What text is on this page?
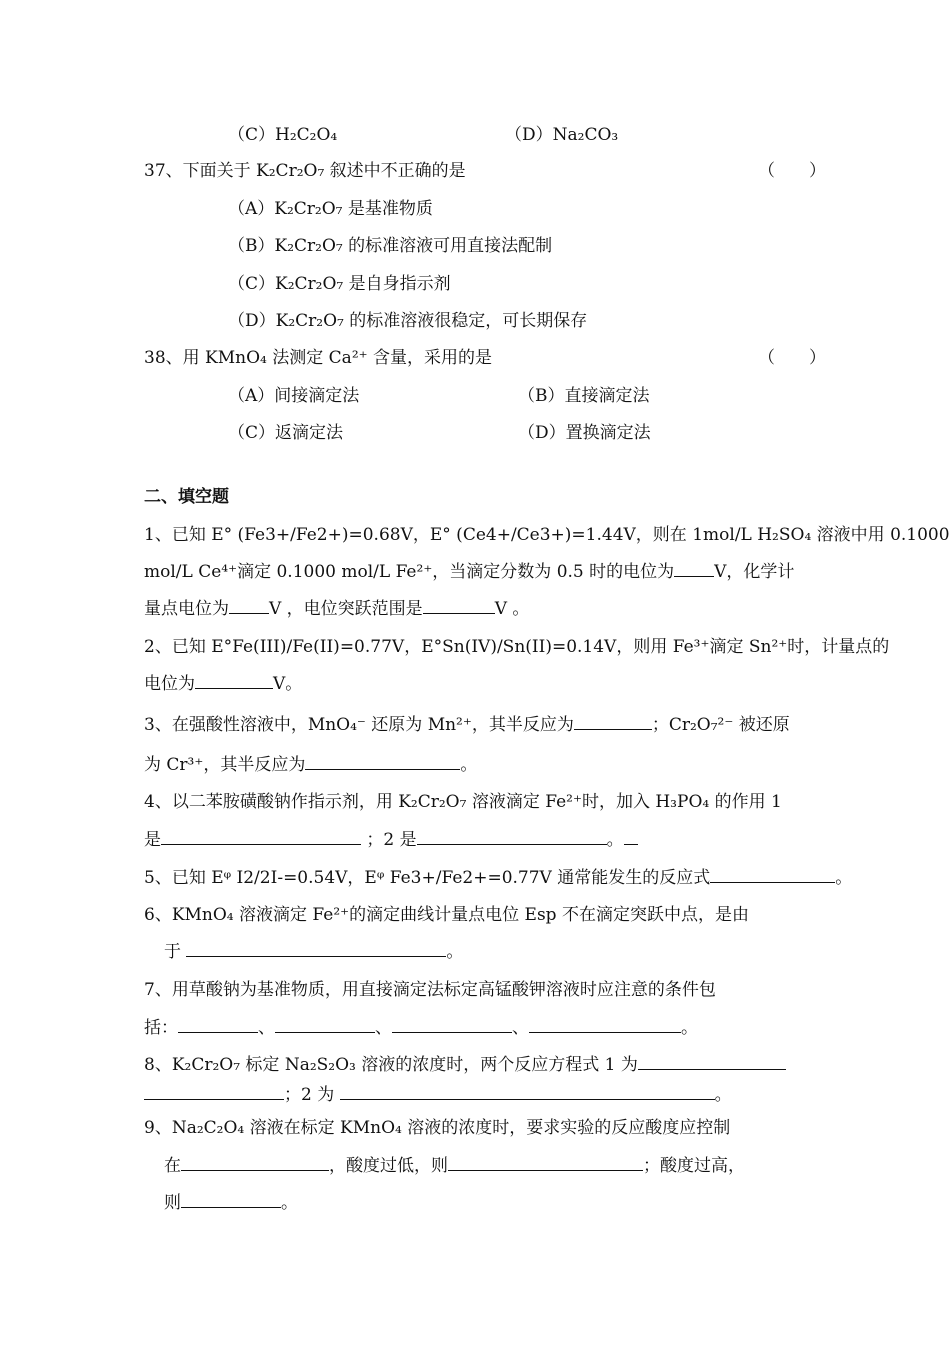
（C）H₂C₂O₄	（D）Na₂CO₃
37、下面关于 K₂Cr₂O₇ 叙述中不正确的是	（　　）
（A）K₂Cr₂O₇ 是基准物质
（B）K₂Cr₂O₇ 的标准溶液可用直接法配制
（C）K₂Cr₂O₇ 是自身指示剂
（D）K₂Cr₂O₇ 的标准溶液很稳定，可长期保存
38、用 KMnO₄ 法测定 Ca²⁺ 含量，采用的是	（　　）
（A）间接滴定法	（B）直接滴定法
（C）返滴定法	（D）置换滴定法
二、填空题
1、已知 E° (Fe3+/Fe2+)=0.68V，E° (Ce4+/Ce3+)=1.44V，则在 1mol/L H₂SO₄ 溶液中用 0.1000
mol/L Ce⁴⁺滴定 0.1000 mol/L Fe²⁺，当滴定分数为 0.5 时的电位为 V，化学计
量点电位为 V ，电位突跃范围是	V 。
2、已知 E°Fe(III)/Fe(II)=0.77V，E°Sn(IV)/Sn(II)=0.14V，则用 Fe³⁺滴定 Sn²⁺时，计量点的
电位为	V。
3、在强酸性溶液中，MnO₄⁻ 还原为 Mn²⁺，其半反应为	；Cr₂O₇²⁻ 被还原
为 Cr³⁺，其半反应为	。
4、以二苯胺磺酸钠作指示剂，用 K₂Cr₂O₇ 溶液滴定 Fe²⁺时，加入 H₃PO₄ 的作用 1
是	；2 是	。
5、已知 Eᵠ I2/2I-=0.54V，Eᵠ Fe3+/Fe2+=0.77V 通常能发生的反应式	。
6、KMnO₄ 溶液滴定 Fe²⁺的滴定曲线计量点电位 Esp 不在滴定突跃中点，是由
于	。
7、用草酸钠为基准物质，用直接滴定法标定高锰酸钾溶液时应注意的条件包
括：	、	、	、	。
8、K₂Cr₂O₇ 标定 Na₂S₂O₃ 溶液的浓度时，两个反应方程式 1 为
；2 为	。
9、Na₂C₂O₄ 溶液在标定 KMnO₄ 溶液的浓度时，要求实验的反应酸度应控制
在	，酸度过低，则	；酸度过高，
则	。
